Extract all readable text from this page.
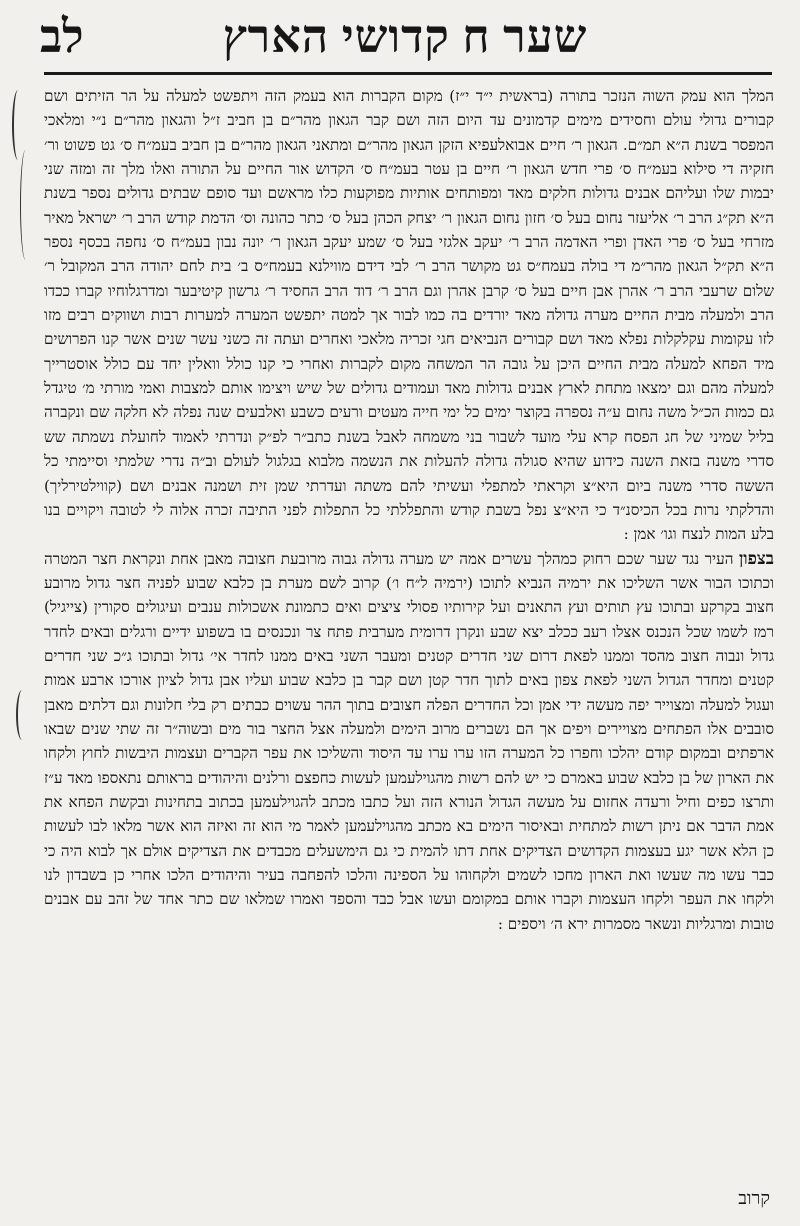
לב	שער ח קדושי הארץ

המלך הוא עמק השוה הנזכר בתורה (בראשית י״ד י״ז) מקום הקברות הוא בעמק הזה ויתפשט למעלה על הר הזיתים ושם קבורים גדולי עולם וחסידים מימים קדמונים עד היום הזה ושם קבר הגאון מהר״ם בן חביב ז״ל והגאון מהר״ם נ״י ומלאכי המפסר בשנת ה״א תמ״ם. הגאון ר׳ חיים אבואלעפיא הזקן הגאון מהר״ם ומתאני הגאון מהר״ם בן חביב בעמ״ח ס׳ גט פשוט ור׳ חזקיה די סילוא בעמ״ח ס׳ פרי חדש הגאון ר׳ חיים בן עטר בעמ״ח ס׳ הקדוש אור החיים על התורה ואלו מלך זה ומזה שני יבמות שלו ועליהם אבנים גדולות חלקים מאד ומפותחים אותיות מפוקעות כלו מראשם ועד סופם שבתים גדולים נספר בשנת ה״א תק״ג הרב ר׳ אליעזר נחום בעל ס׳ חזון נחום הגאון ר׳ יצחק הכהן בעל ס׳ כתר כהונה וס׳ הדמת קודש הרב ר׳ ישראל מאיר מזרחי בעל ס׳ פרי האדן ופרי האדמה הרב ר׳ יעקב אלגזי בעל ס׳ שמע יעקב הגאון ר׳ יונה נבון בעמ״ח ס׳ נחפה בכסף נספר ה״א תק״ל הגאון מהר״מ די בולה בעמח״ס גט מקושר הרב ר׳ לבי דידם מווילנא בעמח״ס ב׳ בית לחם יהודה הרב המקובל ר׳ שלום שרעבי הרב ר׳ אהרן אבן חיים בעל ס׳ קרבן אהרן וגם הרב ר׳ דוד הרב החסיד ר׳ גרשון קיטיבער ומדרגלוחיו קברו ככדו הרב ולמעלה מבית החיים מערה גדולה מאד יורדים בה כמו לבור אך למטה יתפשט המערה למערות רבות ושווקים רבים מזו לזו עקומות עקלקלות נפלא מאד ושם קבורים הנביאים חגי זכריה מלאכי ואחרים ועתה זה כשני עשר שנים אשר קנו הפרושים מיד הפחא למעלה מבית החיים היכן על גובה הר המשחה מקום לקברות ואחרי כי קנו כולל וואלין יחד עם כולל אוסטרייך למעלה מהם וגם ימצאו מתחת לארץ אבנים גדולות מאד ועמודים גדולים של שיש ויצימו אותם למצבות ואמי מורתי מ׳ טיגדל גם כמות הכ״ל משה נחום ע״ה נספרה בקוצר ימים כל ימי חייה מעטים ורעים כשבע ואלבעים שנה נפלה לא חלקה שם ונקברה בליל שמיני של חג הפסח קרא עלי מועד לשבור בני משמחה לאבל בשנת כתב״ר לפ״ק ונדרתי לאמוד לחועלת נשמתה שש סדרי משנה בזאת השנה כידוע שהיא סגולה גדולה להעלות את הנשמה מלבוא בגלגול לעולם וב״ה נדרי שלמתי וסיימתי כל הששה סדרי משנה ביום היא״צ וקראתי למתפלי ועשיתי להם משתה ועדרתי שמן זית ושמנה אבנים ושם (קווילטירליך) והדלקתי נרות בכל הכיסנ״ד כי היא״צ נפל בשבת קודש והתפללתי כל התפלות לפני התיבה זכרה אלוה לי לטובה ויקויים בנו בלע המות לנצח וגו׳ אמן :

בצפון העיר נגד שער שכם רחוק כמהלך עשרים אמה יש מערה גדולה גבוה מרובעת חצובה מאבן אחת ונקראת חצר המטרה וכתוכו הבור אשר השליכו את ירמיה הנביא לתוכו (ירמיה ל״ח ו׳) קרוב לשם מערת בן כלבא שבוע לפניה חצר גדול מרובע חצוב בקרקע ובתוכו עץ תותים ועץ התאנים ועל קירותיו פסולי ציצים ואים כתמונת אשכולות ענבים ועיגולים סקורין (צייגיל) רמז לשמו שכל הנכנס אצלו רעב ככלב יצא שבע ונקרן דרומית מערבית פתח צר ונכנסים בו בשפוע ידיים ורגלים ובאים לחדר גדול ונבוה חצוב מהסד וממנו לפאת דרום שני חדרים קטנים ומעבר השני באים ממנו לחדר אי׳ גדול ובתוכו ג״כ שני חדרים קטנים ומחדר הגדול השני לפאת צפון באים לתוך חדר קטן ושם קבר בן כלבא שבוע ועליו אבן גדול לציון אורכו ארבע אמות ועגול למעלה ומצוייר יפה מעשה ידי אמן וכל החדרים הפלה חצובים בתוך ההר עשוים כבתים רק בלי חלונות וגם דלתים מאבן סובבים אלו הפתחים מצויירים ויפים אך הם נשברים מרוב הימים ולמעלה אצל החצר בור מים ובשוה״ר זה שתי שנים שבאו ארפתים ובמקום קודם יהלכו וחפרו כל המערה הזו ערו ערו עד היסוד והשליכו את עפר הקברים ועצמות היבשות לחוץ ולקחו את הארון של בן כלבא שבוע באמרם כי יש להם רשות מהגוילעמען לעשות כחפצם ורלנים והיהודים בראותם נתאספו מאד ע״ז ותרצו כפים וחיל ורעדה אחזום על מעשה הגדול הנורא הזה ועל כתבו מכתב להגוילעמען בכתוב בתחינות ובקשת הפחא את אמת הדבר אם ניתן רשות למתחית ובאיסור הימים בא מכתב מהגוילעמען לאמר מי הוא זה ואיזה הוא אשר מלאו לבו לעשות כן הלא אשר יגע בעצמות הקדושים הצדיקים אחת דתו להמית כי גם הימשעלים מכבדים את הצדיקים אולם אך לבוא היה כי כבר עשו מה שעשו ואת הארון מחכו לשמים ולקחוהו על הספינה והלכו להפחבה בעיר והיהודים הלכו אחרי כן בשבדון לנו ולקחו את העפר ולקחו העצמות וקברו אותם במקומם ועשו אבל כבד והספד ואמרו שמלאו שם כתר אחד של זהב עם אבנים טובות ומרגליות ונשאר מסמרות ירא ה׳ ויספים :

קרוב
